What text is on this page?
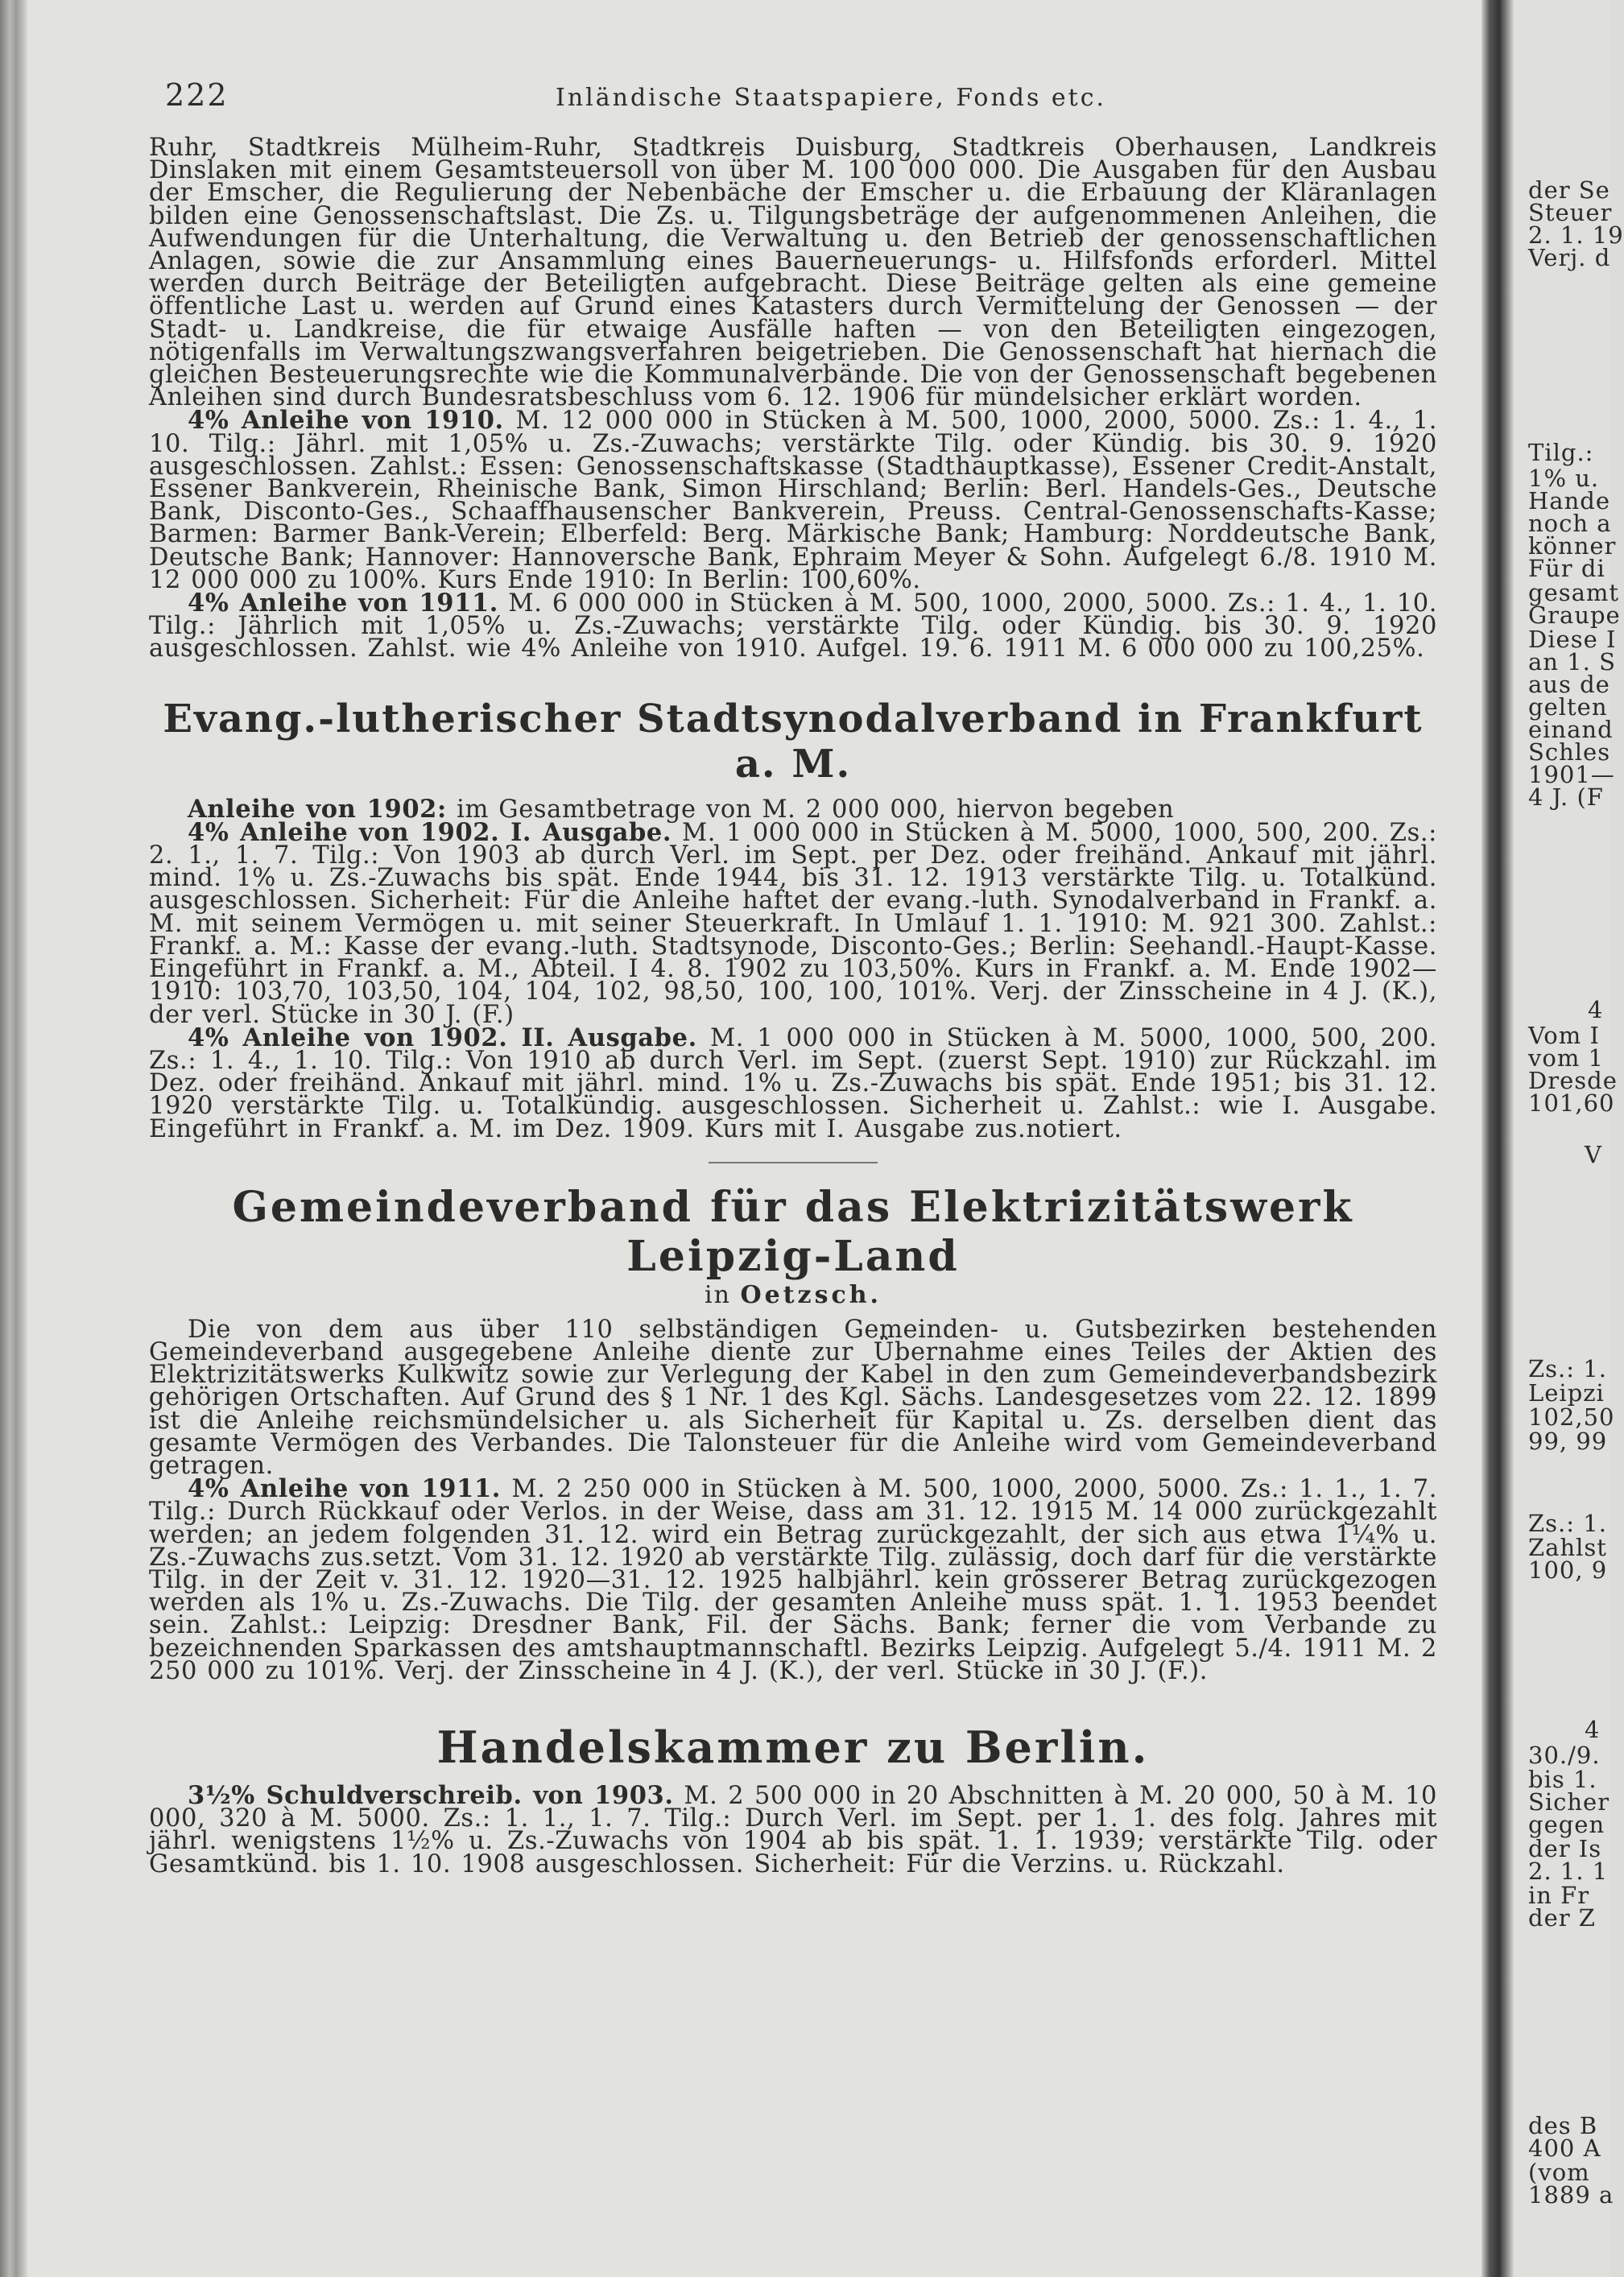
222	Inländische Staatspapiere, Fonds etc.

Ruhr, Stadtkreis Mülheim-Ruhr, Stadtkreis Duisburg, Stadtkreis Oberhausen, Landkreis Dinslaken mit einem Gesamtsteuersoll von über M. 100 000 000. Die Ausgaben für den Ausbau der Emscher, die Regulierung der Nebenbäche der Emscher u. die Erbauung der Kläranlagen bilden eine Genossenschaftslast. Die Zs. u. Tilgungsbeträge der aufgenommenen Anleihen, die Aufwendungen für die Unterhaltung, die Verwaltung u. den Betrieb der genossenschaftlichen Anlagen, sowie die zur Ansammlung eines Bauerneuerungs- u. Hilfsfonds erforderl. Mittel werden durch Beiträge der Beteiligten aufgebracht. Diese Beiträge gelten als eine gemeine öffentliche Last u. werden auf Grund eines Katasters durch Vermittelung der Genossen — der Stadt- u. Landkreise, die für etwaige Ausfälle haften — von den Beteiligten eingezogen, nötigenfalls im Verwaltungszwangsverfahren beigetrieben. Die Genossenschaft hat hiernach die gleichen Besteuerungsrechte wie die Kommunalverbände. Die von der Genossenschaft begebenen Anleihen sind durch Bundesratsbeschluss vom 6. 12. 1906 für mündelsicher erklärt worden.

4% Anleihe von 1910. M. 12 000 000 in Stücken à M. 500, 1000, 2000, 5000. Zs.: 1. 4., 1. 10. Tilg.: Jährl. mit 1,05% u. Zs.-Zuwachs; verstärkte Tilg. oder Kündig. bis 30. 9. 1920 ausgeschlossen. Zahlst.: Essen: Genossenschaftskasse (Stadthauptkasse), Essener Credit-Anstalt, Essener Bankverein, Rheinische Bank, Simon Hirschland; Berlin: Berl. Handels-Ges., Deutsche Bank, Disconto-Ges., Schaaffhausenscher Bankverein, Preuss. Central-Genossenschafts-Kasse; Barmen: Barmer Bank-Verein; Elberfeld: Berg. Märkische Bank; Hamburg: Norddeutsche Bank, Deutsche Bank; Hannover: Hannoversche Bank, Ephraim Meyer & Sohn. Aufgelegt 6./8. 1910 M. 12 000 000 zu 100%. Kurs Ende 1910: In Berlin: 100,60%.

4% Anleihe von 1911. M. 6 000 000 in Stücken à M. 500, 1000, 2000, 5000. Zs.: 1. 4., 1. 10. Tilg.: Jährlich mit 1,05% u. Zs.-Zuwachs; verstärkte Tilg. oder Kündig. bis 30. 9. 1920 ausgeschlossen. Zahlst. wie 4% Anleihe von 1910. Aufgel. 19. 6. 1911 M. 6 000 000 zu 100,25%.

Evang.-lutherischer Stadtsynodalverband in Frankfurt a. M.

Anleihe von 1902: im Gesamtbetrage von M. 2 000 000, hiervon begeben

4% Anleihe von 1902. I. Ausgabe. M. 1 000 000 in Stücken à M. 5000, 1000, 500, 200. Zs.: 2. 1., 1. 7. Tilg.: Von 1903 ab durch Verl. im Sept. per Dez. oder freihänd. Ankauf mit jährl. mind. 1% u. Zs.-Zuwachs bis spät. Ende 1944, bis 31. 12. 1913 verstärkte Tilg. u. Totalkünd. ausgeschlossen. Sicherheit: Für die Anleihe haftet der evang.-luth. Synodalverband in Frankf. a. M. mit seinem Vermögen u. mit seiner Steuerkraft. In Umlauf 1. 1. 1910: M. 921 300. Zahlst.: Frankf. a. M.: Kasse der evang.-luth. Stadtsynode, Disconto-Ges.; Berlin: Seehandl.-Haupt-Kasse. Eingeführt in Frankf. a. M., Abteil. I 4. 8. 1902 zu 103,50%. Kurs in Frankf. a. M. Ende 1902—1910: 103,70, 103,50, 104, 104, 102, 98,50, 100, 100, 101%. Verj. der Zinsscheine in 4 J. (K.), der verl. Stücke in 30 J. (F.)

4% Anleihe von 1902. II. Ausgabe. M. 1 000 000 in Stücken à M. 5000, 1000, 500, 200. Zs.: 1. 4., 1. 10. Tilg.: Von 1910 ab durch Verl. im Sept. (zuerst Sept. 1910) zur Rückzahl. im Dez. oder freihänd. Ankauf mit jährl. mind. 1% u. Zs.-Zuwachs bis spät. Ende 1951; bis 31. 12. 1920 verstärkte Tilg. u. Totalkündig. ausgeschlossen. Sicherheit u. Zahlst.: wie I. Ausgabe. Eingeführt in Frankf. a. M. im Dez. 1909. Kurs mit I. Ausgabe zus.notiert.

Gemeindeverband für das Elektrizitätswerk Leipzig-Land
in Oetzsch.

Die von dem aus über 110 selbständigen Gemeinden- u. Gutsbezirken bestehenden Gemeindeverband ausgegebene Anleihe diente zur Übernahme eines Teiles der Aktien des Elektrizitätswerks Kulkwitz sowie zur Verlegung der Kabel in den zum Gemeindeverbandsbezirk gehörigen Ortschaften. Auf Grund des § 1 Nr. 1 des Kgl. Sächs. Landesgesetzes vom 22. 12. 1899 ist die Anleihe reichsmündelsicher u. als Sicherheit für Kapital u. Zs. derselben dient das gesamte Vermögen des Verbandes. Die Talonsteuer für die Anleihe wird vom Gemeindeverband getragen.

4% Anleihe von 1911. M. 2 250 000 in Stücken à M. 500, 1000, 2000, 5000. Zs.: 1. 1., 1. 7. Tilg.: Durch Rückkauf oder Verlos. in der Weise, dass am 31. 12. 1915 M. 14 000 zurückgezahlt werden; an jedem folgenden 31. 12. wird ein Betrag zurückgezahlt, der sich aus etwa 1¼% u. Zs.-Zuwachs zus.setzt. Vom 31. 12. 1920 ab verstärkte Tilg. zulässig, doch darf für die verstärkte Tilg. in der Zeit v. 31. 12. 1920—31. 12. 1925 halbjährl. kein grösserer Betrag zurückgezogen werden als 1% u. Zs.-Zuwachs. Die Tilg. der gesamten Anleihe muss spät. 1. 1. 1953 beendet sein. Zahlst.: Leipzig: Dresdner Bank, Fil. der Sächs. Bank; ferner die vom Verbande zu bezeichnenden Sparkassen des amtshauptmannschaftl. Bezirks Leipzig. Aufgelegt 5./4. 1911 M. 2 250 000 zu 101%. Verj. der Zinsscheine in 4 J. (K.), der verl. Stücke in 30 J. (F.).

Handelskammer zu Berlin.

3½% Schuldverschreib. von 1903. M. 2 500 000 in 20 Abschnitten à M. 20 000, 50 à M. 10 000, 320 à M. 5000. Zs.: 1. 1., 1. 7. Tilg.: Durch Verl. im Sept. per 1. 1. des folg. Jahres mit jährl. wenigstens 1½% u. Zs.-Zuwachs von 1904 ab bis spät. 1. 1. 1939; verstärkte Tilg. oder Gesamtkünd. bis 1. 10. 1908 ausgeschlossen. Sicherheit: Für die Verzins. u. Rückzahl.

der Se
Steuer
2. 1. 19
Verj. d
Tilg.:
1% u.
Hande
noch a
könner
Für di
gesamt
Graupe
Diese I
an 1. S
aus de
gelten
einand
Schles
1901—
4 J. (F
4
Vom I
vom 1
Dresde
101,60
V
Zs.: 1.
Leipzi
102,50
99, 99
Zs.: 1.
Zahlst
100, 9
4
30./9.
bis 1.
Sicher
gegen
der Is
2. 1. 1
in Fr
der Z
des B
400 A
(vom
1889 a
